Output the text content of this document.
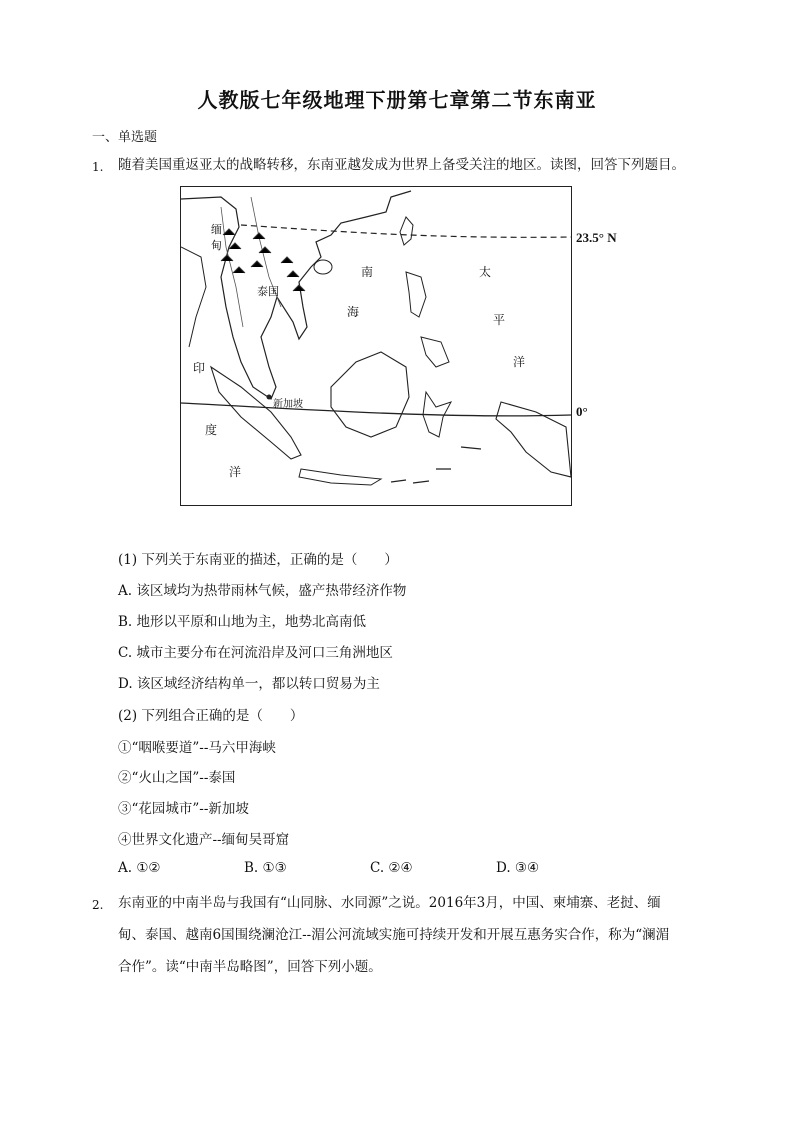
人教版七年级地理下册第七章第二节东南亚
一、单选题
1. 随着美国重返亚太的战略转移，东南亚越发成为世界上备受关注的地区。读图，回答下列题目。
缅
甸
泰国
新加坡
南
海
太
平
洋
印
度
洋
23.5° N
0°
(1) 下列关于东南亚的描述，正确的是（　　）
A. 该区域均为热带雨林气候，盛产热带经济作物
B. 地形以平原和山地为主，地势北高南低
C. 城市主要分布在河流沿岸及河口三角洲地区
D. 该区域经济结构单一，都以转口贸易为主
(2) 下列组合正确的是（　　）
①“咽喉要道”--马六甲海峡
②“火山之国”--泰国
③“花园城市”--新加坡
④世界文化遗产--缅甸吴哥窟
A. ①②	B. ①③	C. ②④	D. ③④
2. 东南亚的中南半岛与我国有“山同脉、水同源”之说。2016年3月，中国、柬埔寨、老挝、缅
甸、泰国、越南6国围绕澜沧江--湄公河流域实施可持续开发和开展互惠务实合作，称为“澜湄
合作”。读“中南半岛略图”，回答下列小题。
